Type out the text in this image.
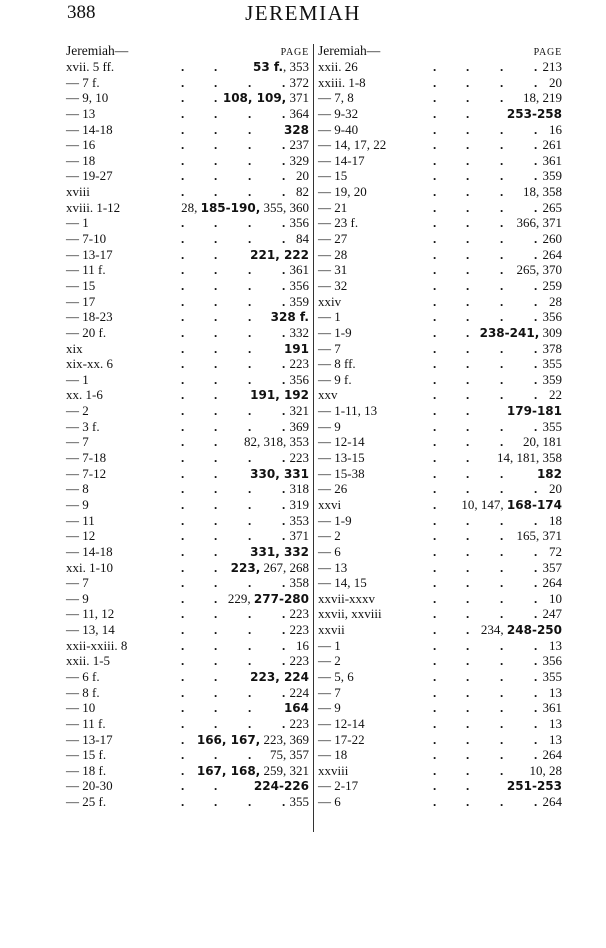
388	JEREMIAH
Jeremiah—	PAGE
xvii. 5 ff.	. .	53 f., 353
— 7 f.	. . . . 372
— 9, 10	. . 108, 109, 371
— 13	. . . . 364
— 14-18	. . .	328
— 16	. . . . 237
— 18	. . . . 329
— 19-27	. . . . 20
xviii	. . . . 82
xviii. 1-12	28, 185-190, 355, 360
— 1	. . . . 356
— 7-10	. . . . 84
— 13-17	. .	221, 222
— 11 f.	. . . . 361
— 15	. . . . 356
— 17	. . . . 359
— 18-23	. . . 328 f.
— 20 f.	. . . . 332
xix	. . .	191
xix-xx. 6	. . . . 223
— 1	. . . . 356
xx. 1-6	. .	191, 192
— 2	. . . . 321
— 3 f.	. . . . 369
— 7	. . 82, 318, 353
— 7-18	. . . . 223
— 7-12	. .	330, 331
— 8	. . . . 318
— 9	. . . . 319
— 11	. . . . 353
— 12	. . . . 371
— 14-18	. .	331, 332
xxi. 1-10	. . 223, 267, 268
— 7	. . . . 358
— 9	. . 229, 277-280
— 11, 12	. . . . 223
— 13, 14	. . . . 223
xxii-xxiii. 8	. . . . 16
xxii. 1-5	. . . . 223
— 6 f.	. .	223, 224
— 8 f.	. . . . 224
— 10	. . .	164
— 11 f.	. . . . 223
— 13-17	. 166, 167, 223, 369
— 15 f.	. . . 75, 357
— 18 f.	. 167, 168, 259, 321
— 20-30	. .	224-226
— 25 f.	. . . . 355
Jeremiah—	PAGE
xxii. 26	. . . . 213
xxiii. 1-8	. . . . 20
— 7, 8	. . . 18, 219
— 9-32	. .	253-258
— 9-40	. . . . 16
— 14, 17, 22	. . . . 261
— 14-17	. . . . 361
— 15	. . . . 359
— 19, 20	. . . 18, 358
— 21	. . . . 265
— 23 f.	. . . 366, 371
— 27	. . . . 260
— 28	. . . . 264
— 31	. . . 265, 370
— 32	. . . . 259
xxiv	. . . . 28
— 1	. . . . 356
— 1-9	. . 238-241, 309
— 7	. . . . 378
— 8 ff.	. . . . 355
— 9 f.	. . . . 359
xxv	. . . . 22
— 1-11, 13	. .	179-181
— 9	. . . . 355
— 12-14	. . . 20, 181
— 13-15	. . 14, 181, 358
— 15-38	. . .	182
— 26	. . . . 20
xxvi	. 10, 147, 168-174
— 1-9	. . . . 18
— 2	. . . 165, 371
— 6	. . . . 72
— 13	. . . . 357
— 14, 15	. . . . 264
xxvii-xxxv	. . . . 10
xxvii, xxviii	. . . . 247
xxvii	. . 234, 248-250
— 1	. . . . 13
— 2	. . . . 356
— 5, 6	. . . . 355
— 7	. . . . 13
— 9	. . . . 361
— 12-14	. . . . 13
— 17-22	. . . . 13
— 18	. . . . 264
xxviii	. . . 10, 28
— 2-17	. .	251-253
— 6	. . . . 264
